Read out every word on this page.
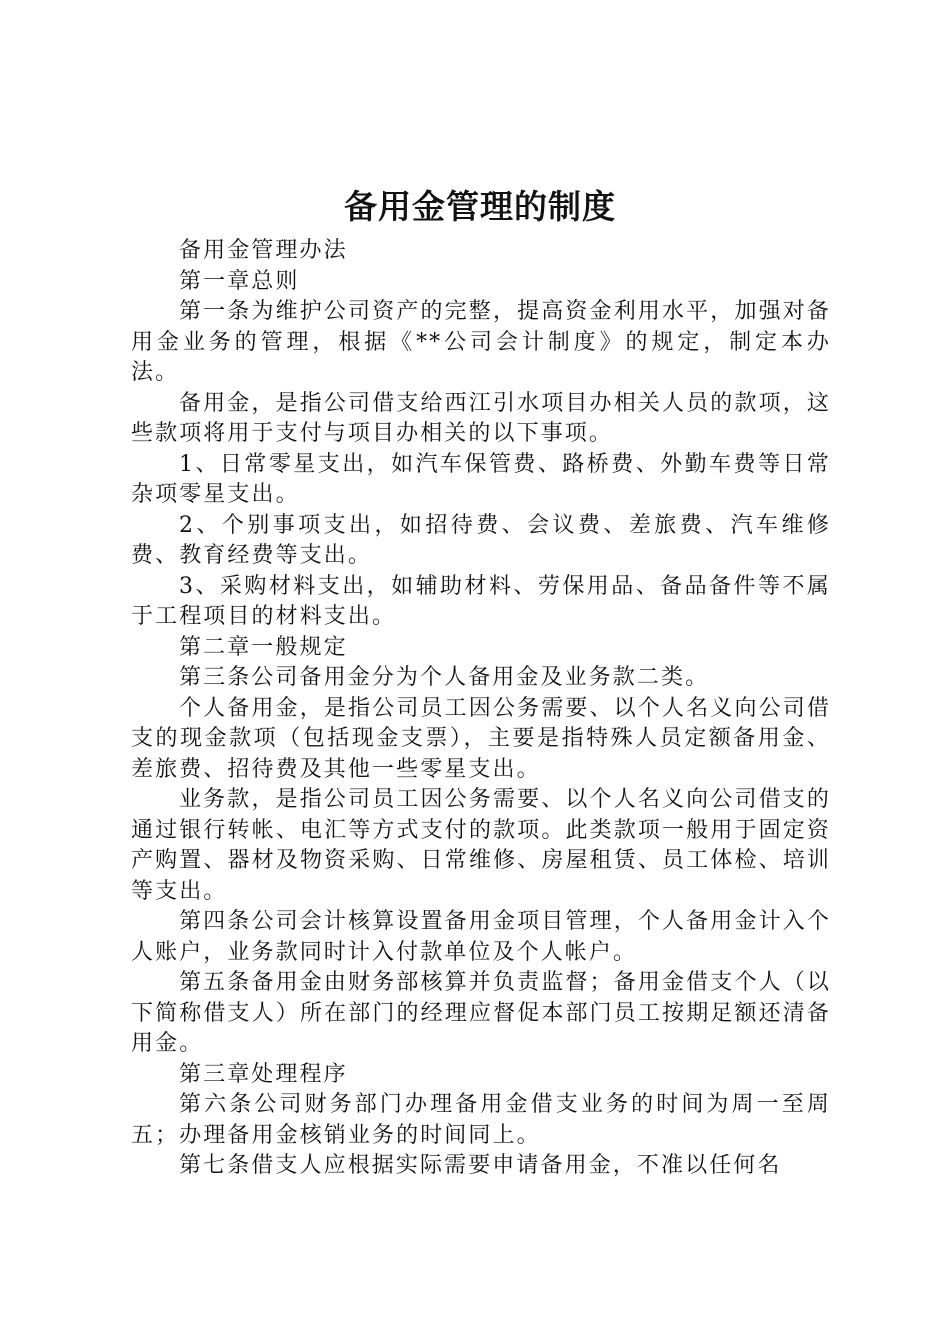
备用金管理的制度

备用金管理办法

第一章总则

第一条为维护公司资产的完整，提高资金利用水平，加强对备用金业务的管理，根据《**公司会计制度》的规定，制定本办法。

备用金，是指公司借支给西江引水项目办相关人员的款项，这些款项将用于支付与项目办相关的以下事项。

1、日常零星支出，如汽车保管费、路桥费、外勤车费等日常杂项零星支出。

2、个别事项支出，如招待费、会议费、差旅费、汽车维修费、教育经费等支出。

3、采购材料支出，如辅助材料、劳保用品、备品备件等不属于工程项目的材料支出。

第二章一般规定

第三条公司备用金分为个人备用金及业务款二类。

个人备用金，是指公司员工因公务需要、以个人名义向公司借支的现金款项（包括现金支票），主要是指特殊人员定额备用金、差旅费、招待费及其他一些零星支出。

业务款，是指公司员工因公务需要、以个人名义向公司借支的通过银行转帐、电汇等方式支付的款项。此类款项一般用于固定资产购置、器材及物资采购、日常维修、房屋租赁、员工体检、培训等支出。

第四条公司会计核算设置备用金项目管理，个人备用金计入个人账户，业务款同时计入付款单位及个人帐户。

第五条备用金由财务部核算并负责监督；备用金借支个人（以下简称借支人）所在部门的经理应督促本部门员工按期足额还清备用金。

第三章处理程序

第六条公司财务部门办理备用金借支业务的时间为周一至周五；办理备用金核销业务的时间同上。

第七条借支人应根据实际需要申请备用金，不准以任何名
